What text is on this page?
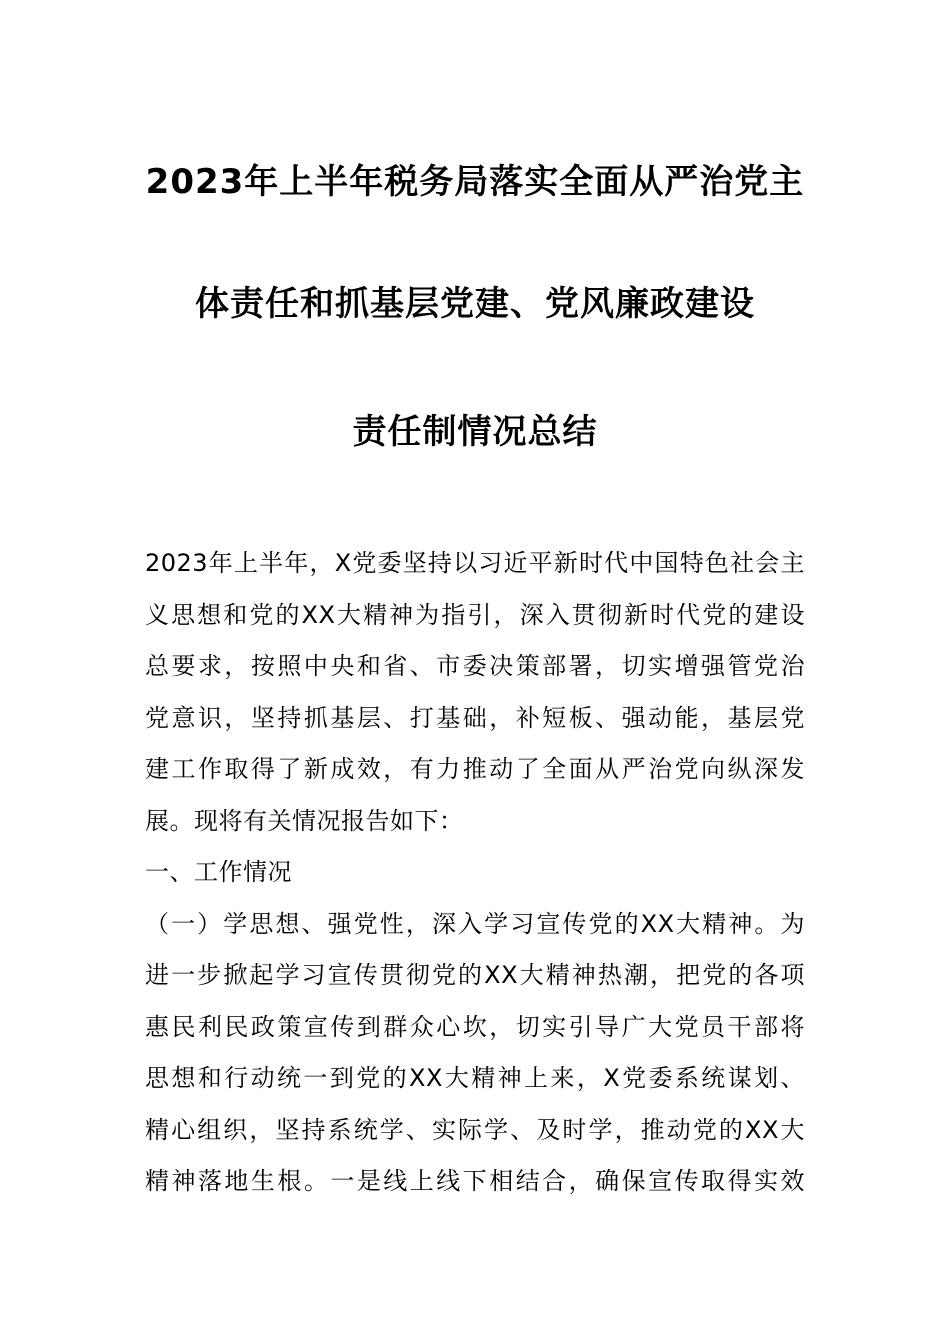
2023年上半年税务局落实全面从严治党主
体责任和抓基层党建、党风廉政建设
责任制情况总结
2023年上半年，X党委坚持以习近平新时代中国特色社会主
义思想和党的XX大精神为指引，深入贯彻新时代党的建设
总要求，按照中央和省、市委决策部署，切实增强管党治
党意识，坚持抓基层、打基础，补短板、强动能，基层党
建工作取得了新成效，有力推动了全面从严治党向纵深发
展。现将有关情况报告如下：
一、工作情况
（一）学思想、强党性，深入学习宣传党的XX大精神。为
进一步掀起学习宣传贯彻党的XX大精神热潮，把党的各项
惠民利民政策宣传到群众心坎，切实引导广大党员干部将
思想和行动统一到党的XX大精神上来，X党委系统谋划、
精心组织，坚持系统学、实际学、及时学，推动党的XX大
精神落地生根。一是线上线下相结合，确保宣传取得实效
